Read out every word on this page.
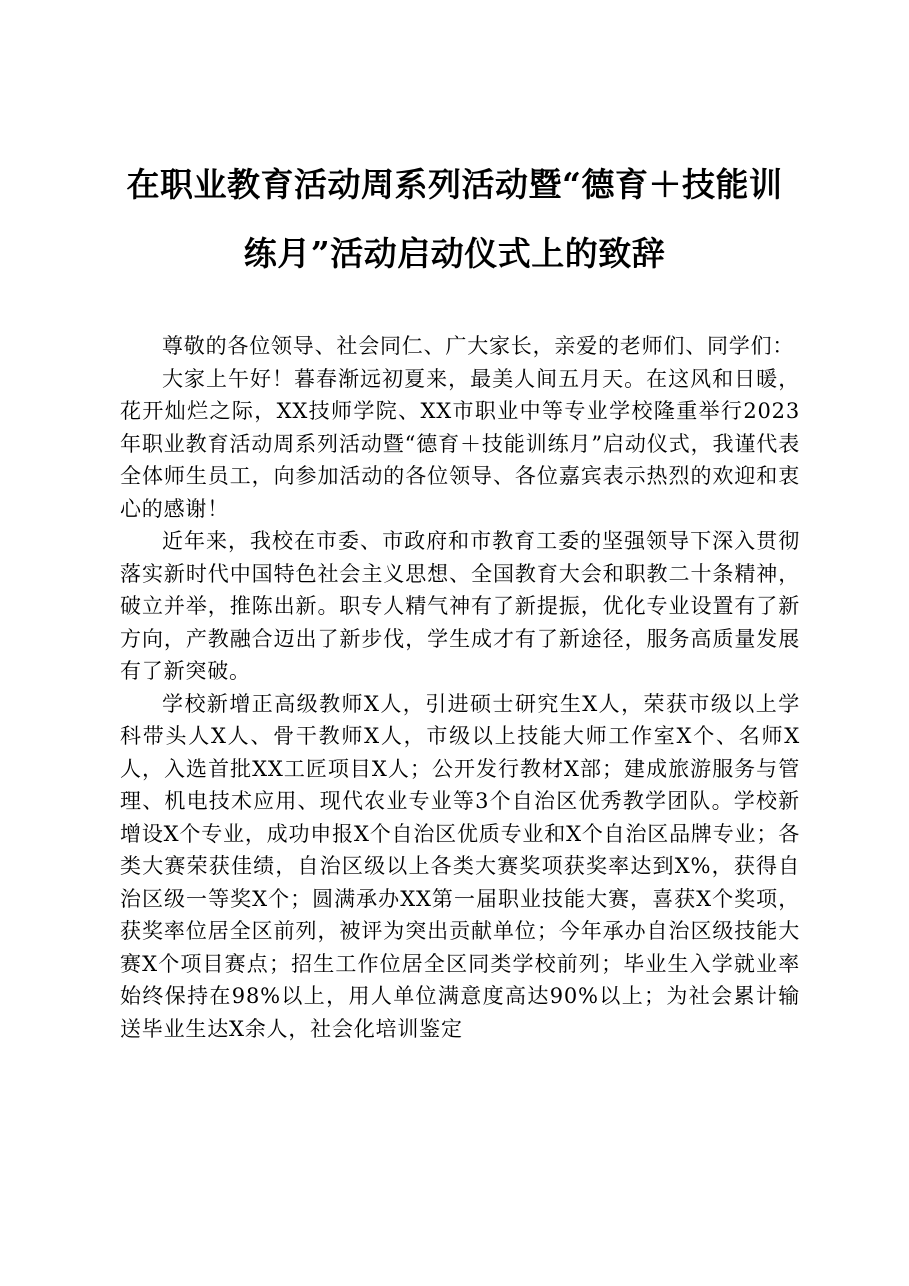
在职业教育活动周系列活动暨“德育＋技能训
练月”活动启动仪式上的致辞

尊敬的各位领导、社会同仁、广大家长，亲爱的老师们、同学们：

大家上午好！暮春渐远初夏来，最美人间五月天。在这风和日暖，花开灿烂之际，XX技师学院、XX市职业中等专业学校隆重举行2023年职业教育活动周系列活动暨“德育＋技能训练月”启动仪式，我谨代表全体师生员工，向参加活动的各位领导、各位嘉宾表示热烈的欢迎和衷心的感谢！

近年来，我校在市委、市政府和市教育工委的坚强领导下深入贯彻落实新时代中国特色社会主义思想、全国教育大会和职教二十条精神，破立并举，推陈出新。职专人精气神有了新提振，优化专业设置有了新方向，产教融合迈出了新步伐，学生成才有了新途径，服务高质量发展有了新突破。

学校新增正高级教师X人，引进硕士研究生X人，荣获市级以上学科带头人X人、骨干教师X人，市级以上技能大师工作室X个、名师X人，入选首批XX工匠项目X人；公开发行教材X部；建成旅游服务与管理、机电技术应用、现代农业专业等3个自治区优秀教学团队。学校新增设X个专业，成功申报X个自治区优质专业和X个自治区品牌专业；各类大赛荣获佳绩，自治区级以上各类大赛奖项获奖率达到X%，获得自治区级一等奖X个；圆满承办XX第一届职业技能大赛，喜获X个奖项，获奖率位居全区前列，被评为突出贡献单位；今年承办自治区级技能大赛X个项目赛点；招生工作位居全区同类学校前列；毕业生入学就业率始终保持在98%以上，用人单位满意度高达90%以上；为社会累计输送毕业生达X余人，社会化培训鉴定
